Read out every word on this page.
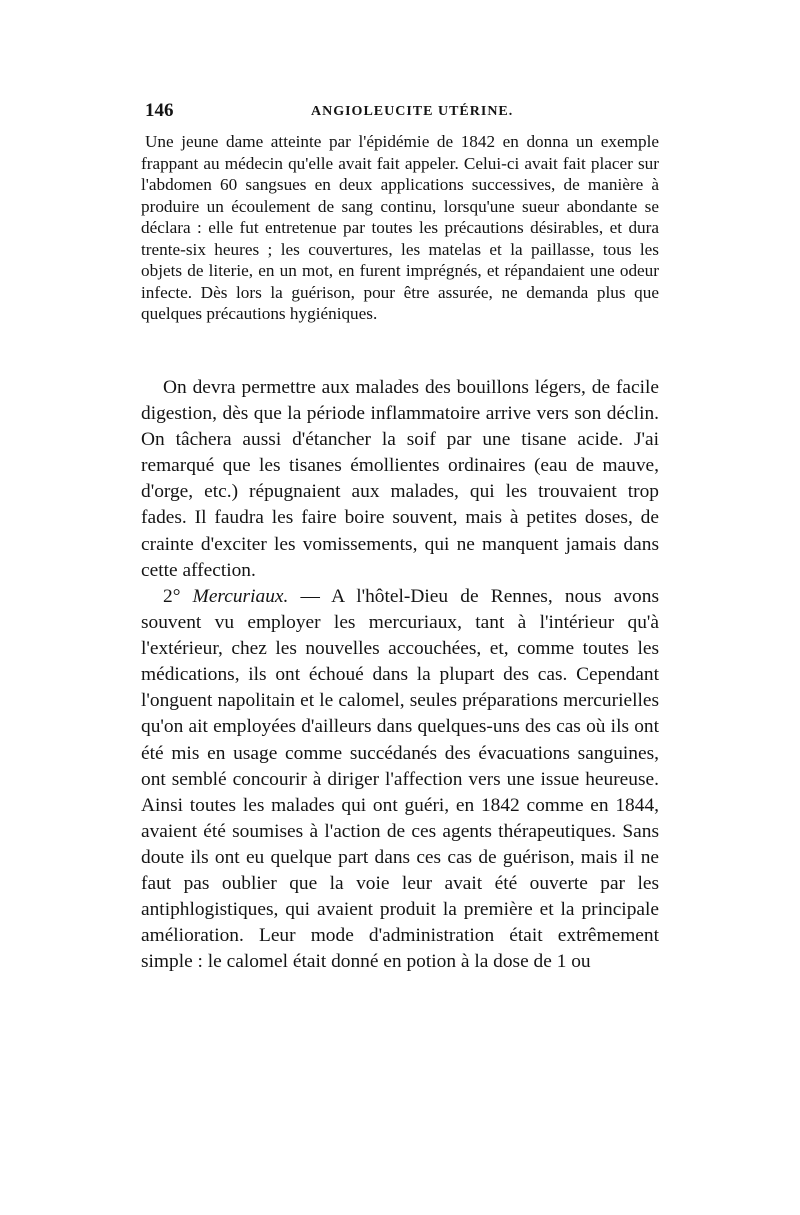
146	ANGIOLEUCITE UTÉRINE.

Une jeune dame atteinte par l'épidémie de 1842 en donna un exemple frappant au médecin qu'elle avait fait appeler. Celui-ci avait fait placer sur l'abdomen 60 sangsues en deux applications successives, de manière à produire un écoulement de sang continu, lorsqu'une sueur abondante se déclara : elle fut entretenue par toutes les précautions désirables, et dura trente-six heures ; les couvertures, les matelas et la paillasse, tous les objets de literie, en un mot, en furent imprégnés, et répandaient une odeur infecte. Dès lors la guérison, pour être assurée, ne demanda plus que quelques précautions hygiéniques.

On devra permettre aux malades des bouillons légers, de facile digestion, dès que la période inflammatoire arrive vers son déclin. On tâchera aussi d'étancher la soif par une tisane acide. J'ai remarqué que les tisanes émollientes ordinaires (eau de mauve, d'orge, etc.) répugnaient aux malades, qui les trouvaient trop fades. Il faudra les faire boire souvent, mais à petites doses, de crainte d'exciter les vomissements, qui ne manquent jamais dans cette affection.

2° Mercuriaux. — A l'hôtel-Dieu de Rennes, nous avons souvent vu employer les mercuriaux, tant à l'intérieur qu'à l'extérieur, chez les nouvelles accouchées, et, comme toutes les médications, ils ont échoué dans la plupart des cas. Cependant l'onguent napolitain et le calomel, seules préparations mercurielles qu'on ait employées d'ailleurs dans quelques-uns des cas où ils ont été mis en usage comme succédanés des évacuations sanguines, ont semblé concourir à diriger l'affection vers une issue heureuse. Ainsi toutes les malades qui ont guéri, en 1842 comme en 1844, avaient été soumises à l'action de ces agents thérapeutiques. Sans doute ils ont eu quelque part dans ces cas de guérison, mais il ne faut pas oublier que la voie leur avait été ouverte par les antiphlogistiques, qui avaient produit la première et la principale amélioration. Leur mode d'administration était extrêmement simple : le calomel était donné en potion à la dose de 1 ou
